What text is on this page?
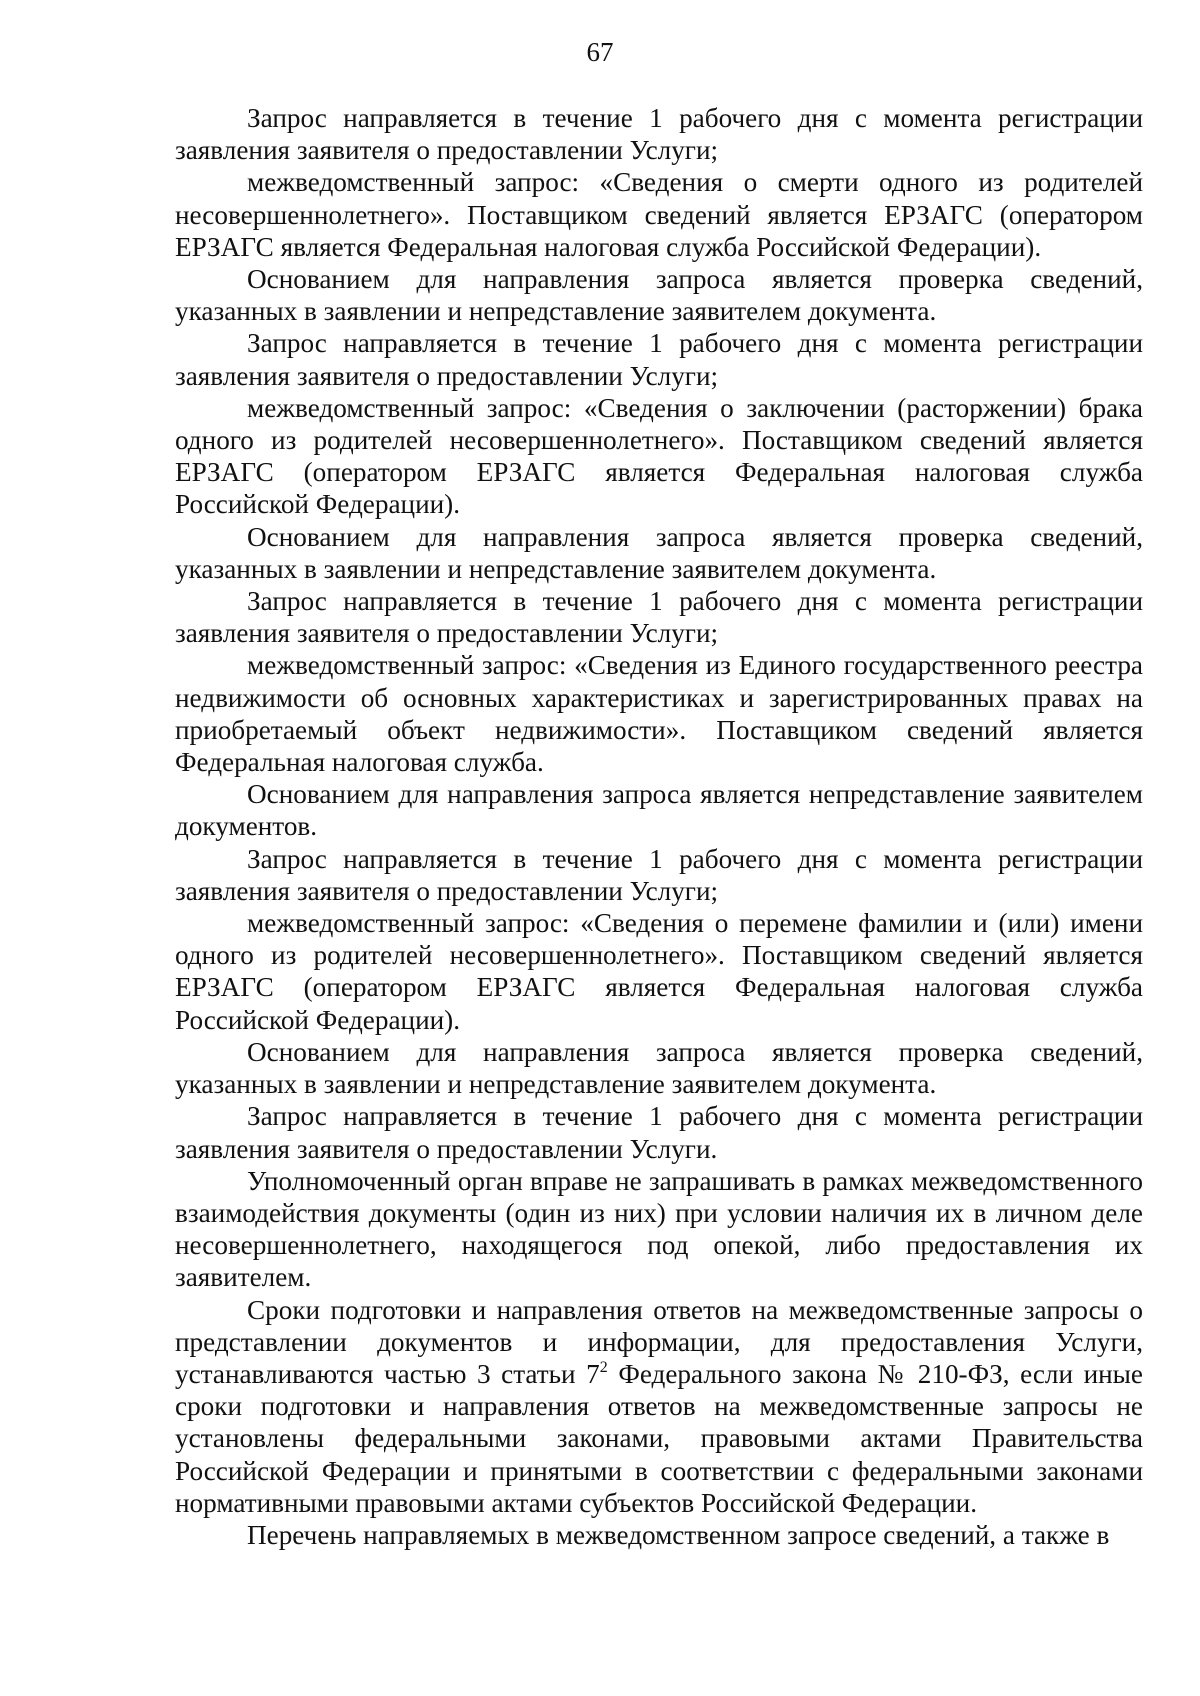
67

Запрос направляется в течение 1 рабочего дня с момента регистрации заявления заявителя о предоставлении Услуги;

межведомственный запрос: «Сведения о смерти одного из родителей несовершеннолетнего». Поставщиком сведений является ЕРЗАГС (оператором ЕРЗАГС является Федеральная налоговая служба Российской Федерации).

Основанием для направления запроса является проверка сведений, указанных в заявлении и непредставление заявителем документа.

Запрос направляется в течение 1 рабочего дня с момента регистрации заявления заявителя о предоставлении Услуги;

межведомственный запрос: «Сведения о заключении (расторжении) брака одного из родителей несовершеннолетнего». Поставщиком сведений является ЕРЗАГС (оператором ЕРЗАГС является Федеральная налоговая служба Российской Федерации).

Основанием для направления запроса является проверка сведений, указанных в заявлении и непредставление заявителем документа.

Запрос направляется в течение 1 рабочего дня с момента регистрации заявления заявителя о предоставлении Услуги;

межведомственный запрос: «Сведения из Единого государственного реестра недвижимости об основных характеристиках и зарегистрированных правах на приобретаемый объект недвижимости». Поставщиком сведений является Федеральная налоговая служба.

Основанием для направления запроса является непредставление заявителем документов.

Запрос направляется в течение 1 рабочего дня с момента регистрации заявления заявителя о предоставлении Услуги;

межведомственный запрос: «Сведения о перемене фамилии и (или) имени одного из родителей несовершеннолетнего». Поставщиком сведений является ЕРЗАГС (оператором ЕРЗАГС является Федеральная налоговая служба Российской Федерации).

Основанием для направления запроса является проверка сведений, указанных в заявлении и непредставление заявителем документа.

Запрос направляется в течение 1 рабочего дня с момента регистрации заявления заявителя о предоставлении Услуги.

Уполномоченный орган вправе не запрашивать в рамках межведомственного взаимодействия документы (один из них) при условии наличия их в личном деле несовершеннолетнего, находящегося под опекой, либо предоставления их заявителем.

Сроки подготовки и направления ответов на межведомственные запросы о представлении документов и информации, для предоставления Услуги, устанавливаются частью 3 статьи $7^2$ Федерального закона № 210-ФЗ, если иные сроки подготовки и направления ответов на межведомственные запросы не установлены федеральными законами, правовыми актами Правительства Российской Федерации и принятыми в соответствии с федеральными законами нормативными правовыми актами субъектов Российской Федерации.

Перечень направляемых в межведомственном запросе сведений, а также в
